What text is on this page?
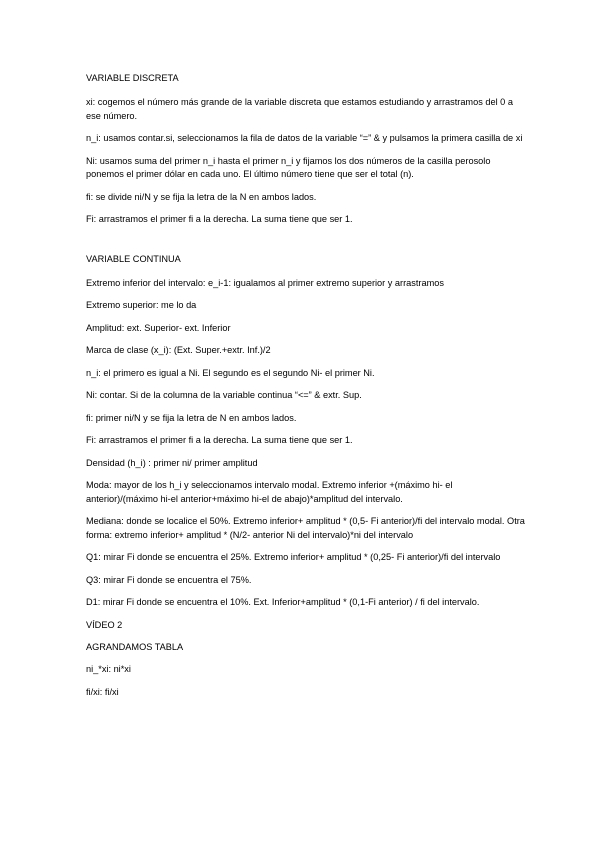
VARIABLE DISCRETA

xi: cogemos el número más grande de la variable discreta que estamos estudiando y arrastramos del 0 a ese número.

n_i: usamos contar.si, seleccionamos la fila de datos de la variable “=” & y pulsamos la primera casilla de xi

Ni: usamos suma del primer n_i hasta el primer n_i y fijamos los dos números de la casilla perosolo ponemos el primer dólar en cada uno. El último número tiene que ser el total (n).

fi: se divide ni/N y se fija la letra de la N en ambos lados.

Fi: arrastramos el primer fi a la derecha. La suma tiene que ser 1.

VARIABLE CONTINUA

Extremo inferior del intervalo: e_i-1: igualamos al primer extremo superior y arrastramos

Extremo superior: me lo da

Amplitud: ext. Superior- ext. Inferior

Marca de clase (x_i): (Ext. Super.+extr. Inf.)/2

n_i: el primero es igual a Ni. El segundo es el segundo Ni- el primer Ni.

Ni: contar. Si de la columna de la variable continua “<=” & extr. Sup.

fi: primer ni/N y se fija la letra de N en ambos lados.

Fi: arrastramos el primer fi a la derecha. La suma tiene que ser 1.

Densidad (h_i) : primer ni/ primer amplitud

Moda: mayor de los h_i y seleccionamos intervalo modal. Extremo inferior +(máximo hi- el anterior)/(máximo hi-el anterior+máximo hi-el de abajo)*amplitud del intervalo.

Mediana: donde se localice el 50%. Extremo inferior+ amplitud * (0,5- Fi anterior)/fi del intervalo modal. Otra forma: extremo inferior+ amplitud * (N/2- anterior Ni del intervalo)*ni del intervalo

Q1: mirar Fi donde se encuentra el 25%. Extremo inferior+ amplitud * (0,25- Fi anterior)/fi del intervalo

Q3: mirar Fi donde se encuentra el 75%.

D1: mirar Fi donde se encuentra el 10%. Ext. Inferior+amplitud * (0,1-Fi anterior) / fi del intervalo.

VÍDEO 2

AGRANDAMOS TABLA

ni_*xi: ni*xi

fi/xi: fi/xi
